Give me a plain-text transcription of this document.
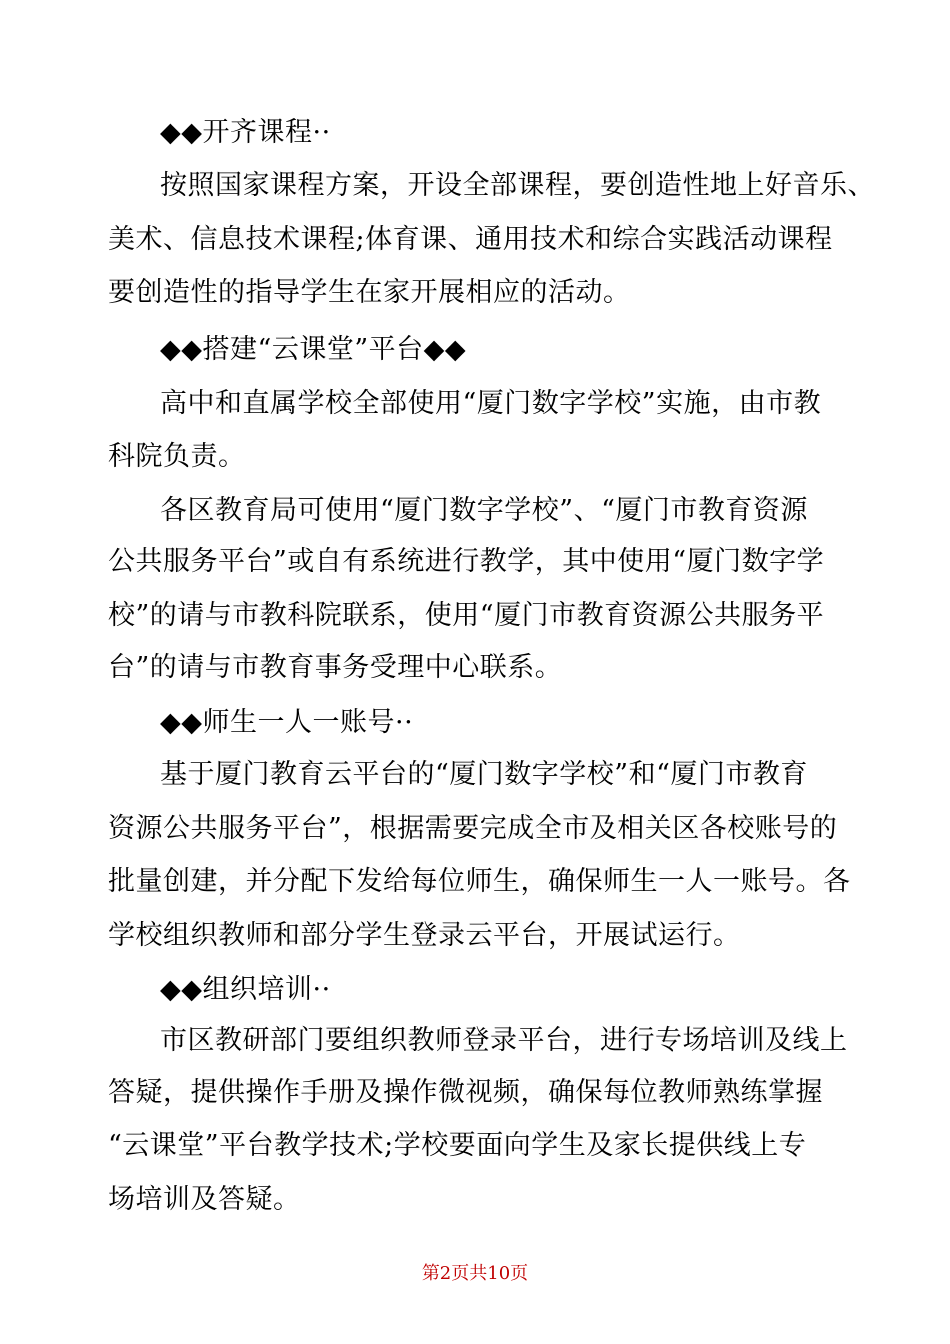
◆◆开齐课程··
按照国家课程方案，开设全部课程，要创造性地上好音乐、
美术、信息技术课程;体育课、通用技术和综合实践活动课程
要创造性的指导学生在家开展相应的活动。
◆◆搭建“云课堂”平台◆◆
高中和直属学校全部使用“厦门数字学校”实施，由市教
科院负责。
各区教育局可使用“厦门数字学校”、“厦门市教育资源
公共服务平台”或自有系统进行教学，其中使用“厦门数字学
校”的请与市教科院联系，使用“厦门市教育资源公共服务平
台”的请与市教育事务受理中心联系。
◆◆师生一人一账号··
基于厦门教育云平台的“厦门数字学校”和“厦门市教育
资源公共服务平台”，根据需要完成全市及相关区各校账号的
批量创建，并分配下发给每位师生，确保师生一人一账号。各
学校组织教师和部分学生登录云平台，开展试运行。
◆◆组织培训··
市区教研部门要组织教师登录平台，进行专场培训及线上
答疑，提供操作手册及操作微视频，确保每位教师熟练掌握
“云课堂”平台教学技术;学校要面向学生及家长提供线上专
场培训及答疑。
第2页共10页
